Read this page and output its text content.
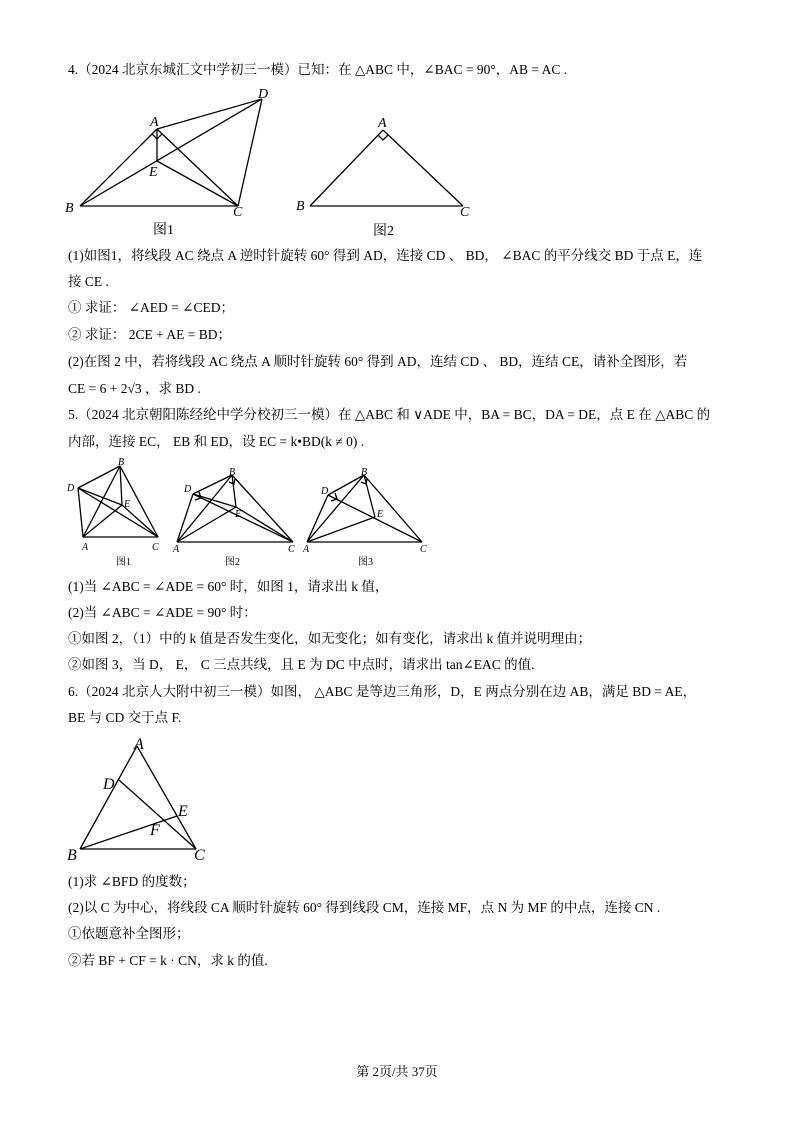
4.（2024 北京东城汇文中学初三一模）已知：在 △ABC 中，∠BAC = 90°，AB = AC .
A
B	C
D
E
图1
A
B	C
图2
(1)如图1，将线段 AC 绕点 A 逆时针旋转 60° 得到 AD，连接 CD 、 BD， ∠BAC 的平分线交 BD 于点 E，连
接 CE .
① 求证： ∠AED = ∠CED；
② 求证： 2CE + AE = BD；
(2)在图 2 中，若将线段 AC 绕点 A 顺时针旋转 60° 得到 AD，连结 CD 、 BD，连结 CE，请补全图形，若
CE = 6 + 2√3 ，求 BD .
5.（2024 北京朝阳陈经纶中学分校初三一模）在 △ABC 和 ∨ADE 中，BA = BC，DA = DE，点 E 在 △ABC 的
内部，连接 EC， EB 和 ED，设 EC = k•BD(k ≠ 0) .
B
D
E
A	C
图1
B
D
E
A	C
图2
B
D
E
A	C
图3
(1)当 ∠ABC = ∠ADE = 60° 时，如图 1，请求出 k 值，
(2)当 ∠ABC = ∠ADE = 90° 时：
①如图 2，（1）中的 k 值是否发生变化，如无变化；如有变化，请求出 k 值并说明理由；
②如图 3，当 D， E， C 三点共线，且 E 为 DC 中点时，请求出 tan∠EAC 的值.
6.（2024 北京人大附中初三一模）如图， △ABC 是等边三角形，D，E 两点分别在边 AB，满足 BD = AE，
BE 与 CD 交于点 F.
A
D
E
F
B	C
(1)求 ∠BFD 的度数；
(2)以 C 为中心，将线段 CA 顺时针旋转 60° 得到线段 CM，连接 MF，点 N 为 MF 的中点，连接 CN .
①依题意补全图形；
②若 BF + CF = k · CN，求 k 的值.
第 2页/共 37页
